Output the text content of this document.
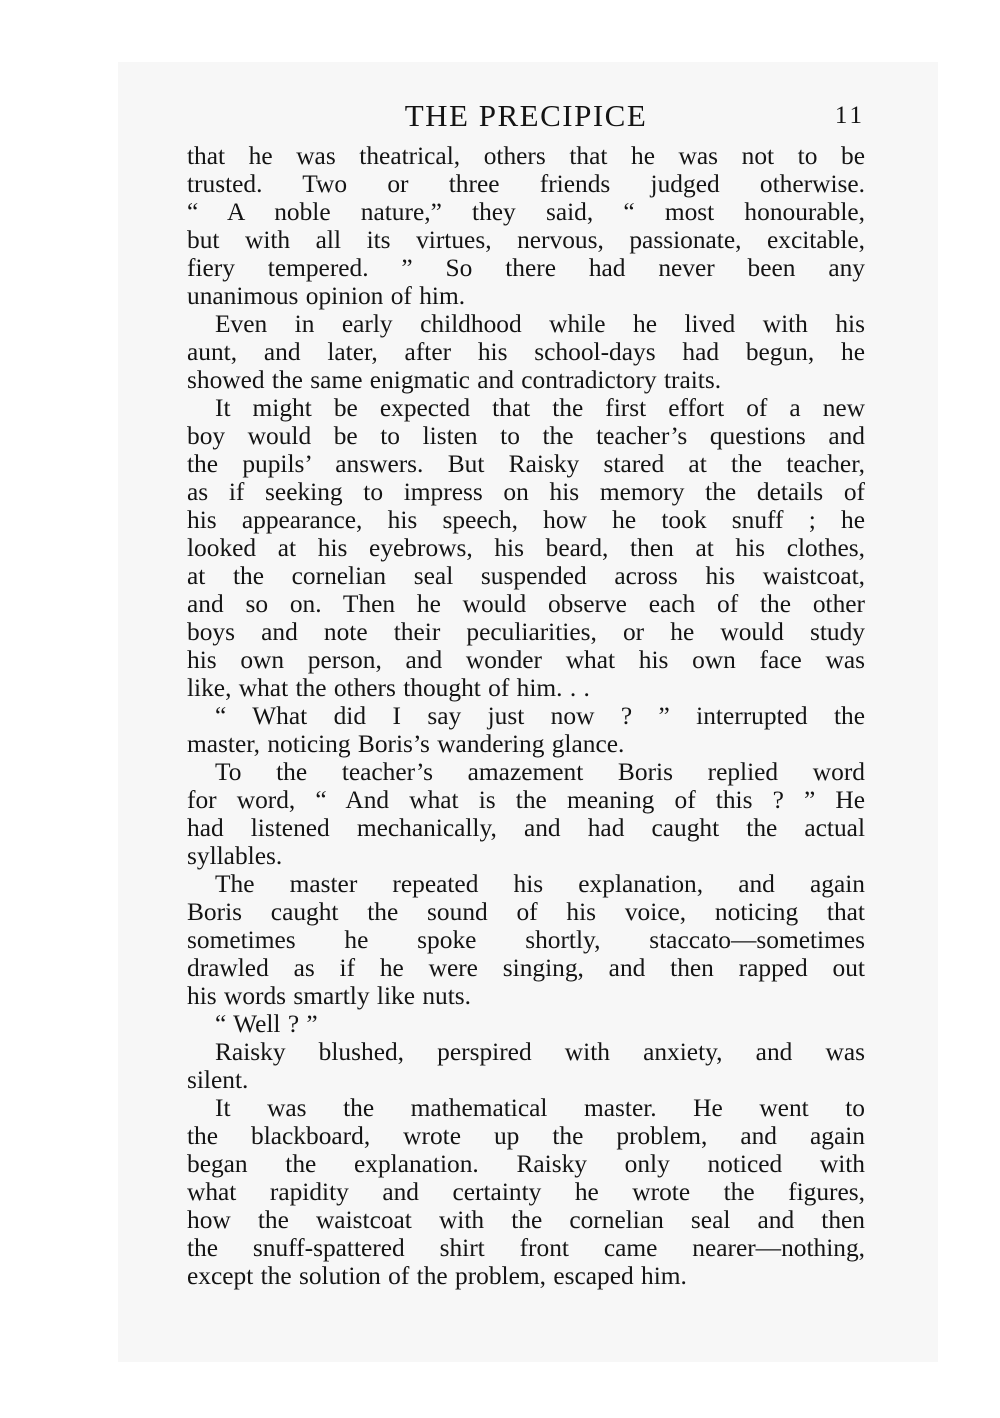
THE PRECIPICE	11
that he was theatrical, others that he was not to be
trusted. Two or three friends judged otherwise.
“ A noble nature,” they said, “ most honourable,
but with all its virtues, nervous, passionate, excitable,
fiery tempered. ” So there had never been any
unanimous opinion of him.
Even in early childhood while he lived with his
aunt, and later, after his school-days had begun, he
showed the same enigmatic and contradictory traits.
It might be expected that the first effort of a new
boy would be to listen to the teacher’s questions and
the pupils’ answers. But Raisky stared at the teacher,
as if seeking to impress on his memory the details of
his appearance, his speech, how he took snuff ; he
looked at his eyebrows, his beard, then at his clothes,
at the cornelian seal suspended across his waistcoat,
and so on. Then he would observe each of the other
boys and note their peculiarities, or he would study
his own person, and wonder what his own face was
like, what the others thought of him. . .
“ What did I say just now ? ” interrupted the
master, noticing Boris’s wandering glance.
To the teacher’s amazement Boris replied word
for word, “ And what is the meaning of this ? ” He
had listened mechanically, and had caught the actual
syllables.
The master repeated his explanation, and again
Boris caught the sound of his voice, noticing that
sometimes he spoke shortly, staccato—sometimes
drawled as if he were singing, and then rapped out
his words smartly like nuts.
“ Well ? ”
Raisky blushed, perspired with anxiety, and was
silent.
It was the mathematical master. He went to
the blackboard, wrote up the problem, and again
began the explanation. Raisky only noticed with
what rapidity and certainty he wrote the figures,
how the waistcoat with the cornelian seal and then
the snuff-spattered shirt front came nearer—nothing,
except the solution of the problem, escaped him.
